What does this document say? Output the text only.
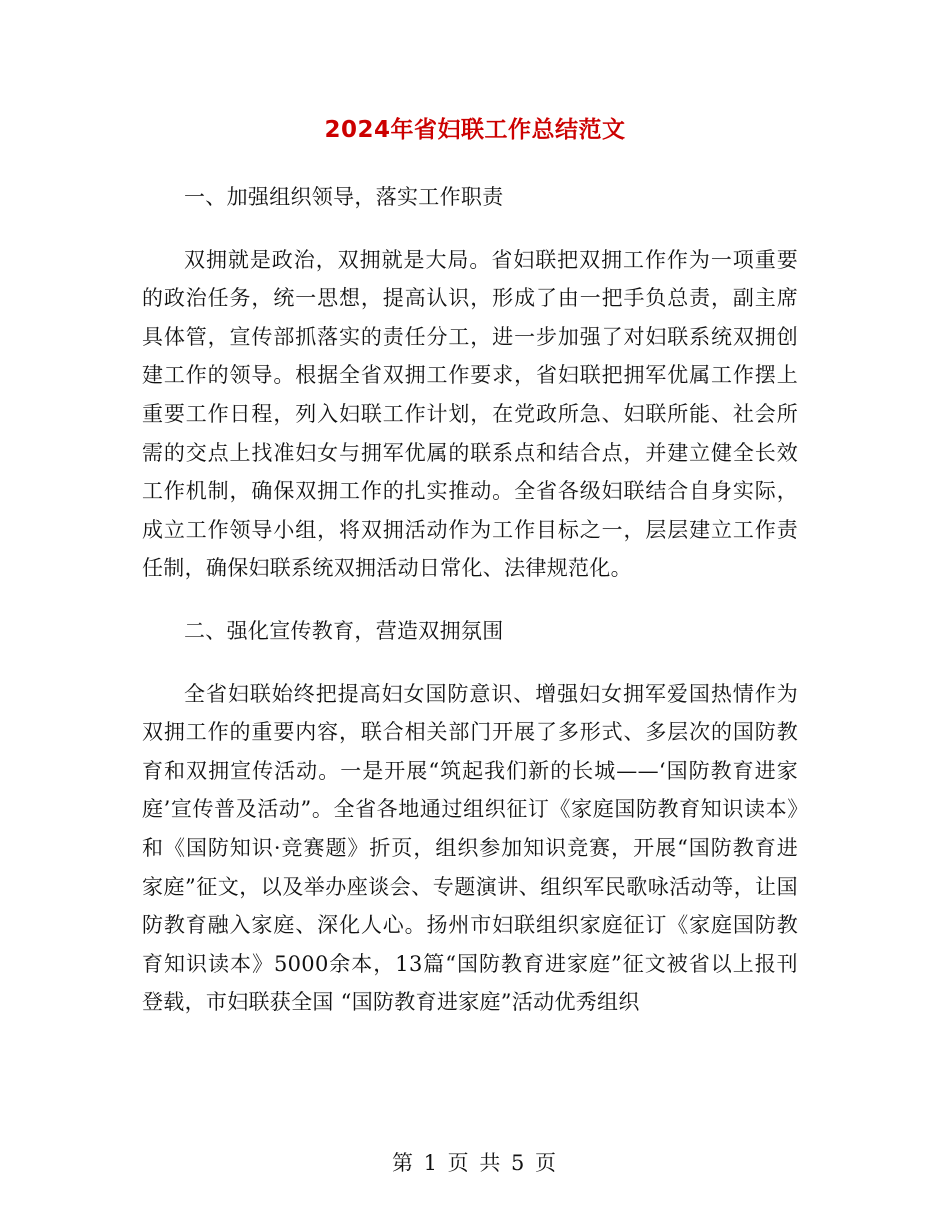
2024年省妇联工作总结范文

一、加强组织领导，落实工作职责

双拥就是政治，双拥就是大局。省妇联把双拥工作作为一项重要的政治任务，统一思想，提高认识，形成了由一把手负总责，副主席具体管，宣传部抓落实的责任分工，进一步加强了对妇联系统双拥创建工作的领导。根据全省双拥工作要求，省妇联把拥军优属工作摆上重要工作日程，列入妇联工作计划，在党政所急、妇联所能、社会所需的交点上找准妇女与拥军优属的联系点和结合点，并建立健全长效工作机制，确保双拥工作的扎实推动。全省各级妇联结合自身实际，成立工作领导小组，将双拥活动作为工作目标之一，层层建立工作责任制，确保妇联系统双拥活动日常化、法律规范化。

二、强化宣传教育，营造双拥氛围

全省妇联始终把提高妇女国防意识、增强妇女拥军爱国热情作为双拥工作的重要内容，联合相关部门开展了多形式、多层次的国防教育和双拥宣传活动。一是开展“筑起我们新的长城——‘国防教育进家庭’宣传普及活动”。全省各地通过组织征订《家庭国防教育知识读本》和《国防知识·竞赛题》折页，组织参加知识竞赛，开展“国防教育进家庭”征文，以及举办座谈会、专题演讲、组织军民歌咏活动等，让国防教育融入家庭、深化人心。扬州市妇联组织家庭征订《家庭国防教育知识读本》5000余本，13篇“国防教育进家庭”征文被省以上报刊登载，市妇联获全国 “国防教育进家庭”活动优秀组织

第 1 页 共 5 页
